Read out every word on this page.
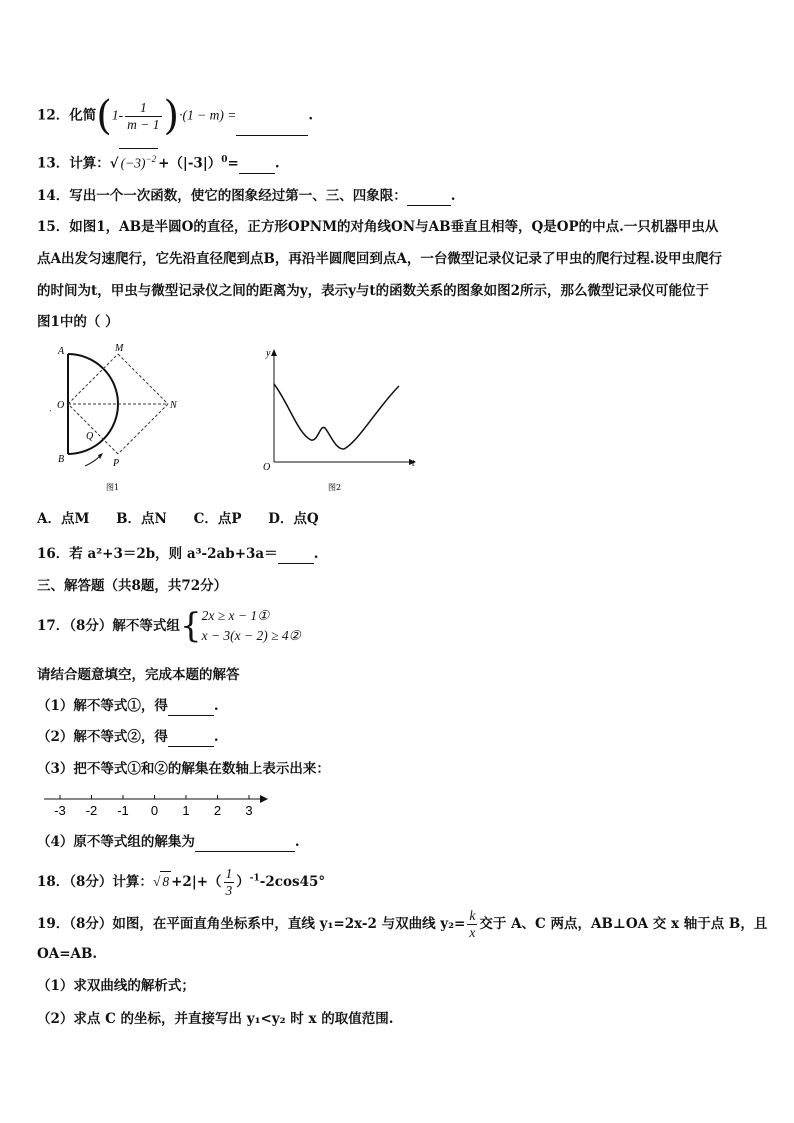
12．化简$(1- \frac{1}{m - 1} )\cdot(1 - m)$ =	.
13．计算：√ $(-3)^{-2} +(|-3|)^0=$	.
14．写出一个一次函数，使它的图象经过第一、三、四象限：	.
15．如图1，AB是半圆O的直径，正方形OPNM的对角线ON与AB垂直且相等，Q是OP的中点.一只机器甲虫从
点A出发匀速爬行，它先沿直径爬到点B，再沿半圆爬回到点A，一台微型记录仪记录了甲虫的爬行过程.设甲虫爬行
的时间为t，甲虫与微型记录仪之间的距离为y，表示y与t的函数关系的图象如图2所示，那么微型记录仪可能位于
图1中的（ ）
A	M
O	N
Q
B	P
图1
y
O	t
图2
A．点M B．点N C．点P D．点Q
16．若 a²+3＝2b，则 a³-2ab+3a＝	.
三、解答题（共8题，共72分）
17．（8分）解不等式组{ 2x ≥ x − 1①
x − 3(x − 2) ≥ 4②
请结合题意填空，完成本题的解答
（1）解不等式①，得	.
（2）解不等式②，得	.
（3）把不等式①和②的解集在数轴上表示出来：
-3 -2 -1 0 1 2 3
（4）原不等式组的解集为	.
18．（8分）计算：√ $8 +2|+( \frac{1}{3} )^{-1}-2\cos 45^\circ$
19．（8分）如图，在平面直角坐标系中，直线 y₁=2x-2 与双曲线 $y_2= \frac{k}{x}$ 交于 A、C 两点，AB⊥OA 交 x 轴于点 B，且
OA=AB.
（1）求双曲线的解析式；
（2）求点 C 的坐标，并直接写出 y₁<y₂ 时 x 的取值范围.
